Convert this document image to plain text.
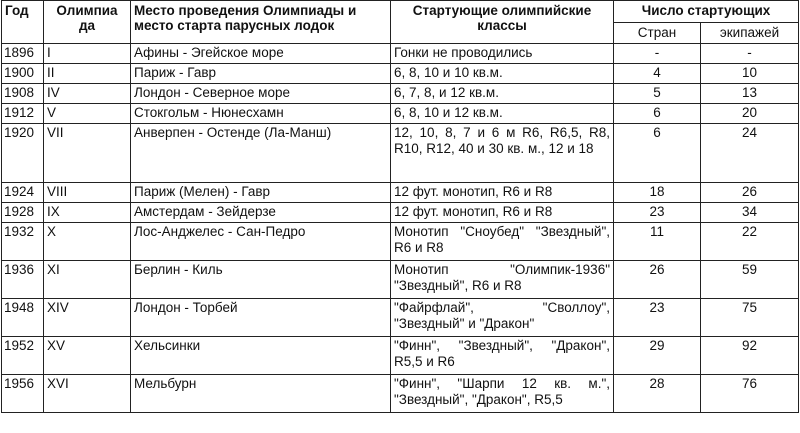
Год	Олимпиа да	Место проведения Олимпиады и место старта парусных лодок	Стартующие олимпийские классы	Число стартующих	
				Стран	экипажей
1896	I	Афины - Эгейское море	Гонки не проводились	-	-
1900	II	Париж - Гавр	6, 8, 10 и 10 кв.м.	4	10
1908	IV	Лондон - Северное море	6, 7, 8, и 12 кв.м.	5	13
1912	V	Стокгольм - Нюнесхамн	6, 8, 10 и 12 кв.м.	6	20
1920	VII	Анверпен - Остенде (Ла-Манш)	12, 10, 8, 7 и 6 м R6, R6,5, R8, R10, R12, 40 и 30 кв. м., 12 и 18	6	24
1924	VIII	Париж (Мелен) - Гавр	12 фут. монотип, R6 и R8	18	26
1928	IX	Амстердам - Зейдерзе	12 фут. монотип, R6 и R8	23	34
1932	X	Лос-Анджелес - Сан-Педро	Монотип "Сноубед" "Звездный", R6 и R8	11	22
1936	XI	Берлин - Киль	Монотип "Олимпик-1936" "Звездный", R6 и R8	26	59
1948	XIV	Лондон - Торбей	"Файрфлай", "Своллоу", "Звездный" и "Дракон"	23	75
1952	XV	Хельсинки	"Финн", "Звездный", "Дракон", R5,5 и R6	29	92
1956	XVI	Мельбурн	"Финн", "Шарпи 12 кв. м.", "Звездный", "Дракон", R5,5	28	76
